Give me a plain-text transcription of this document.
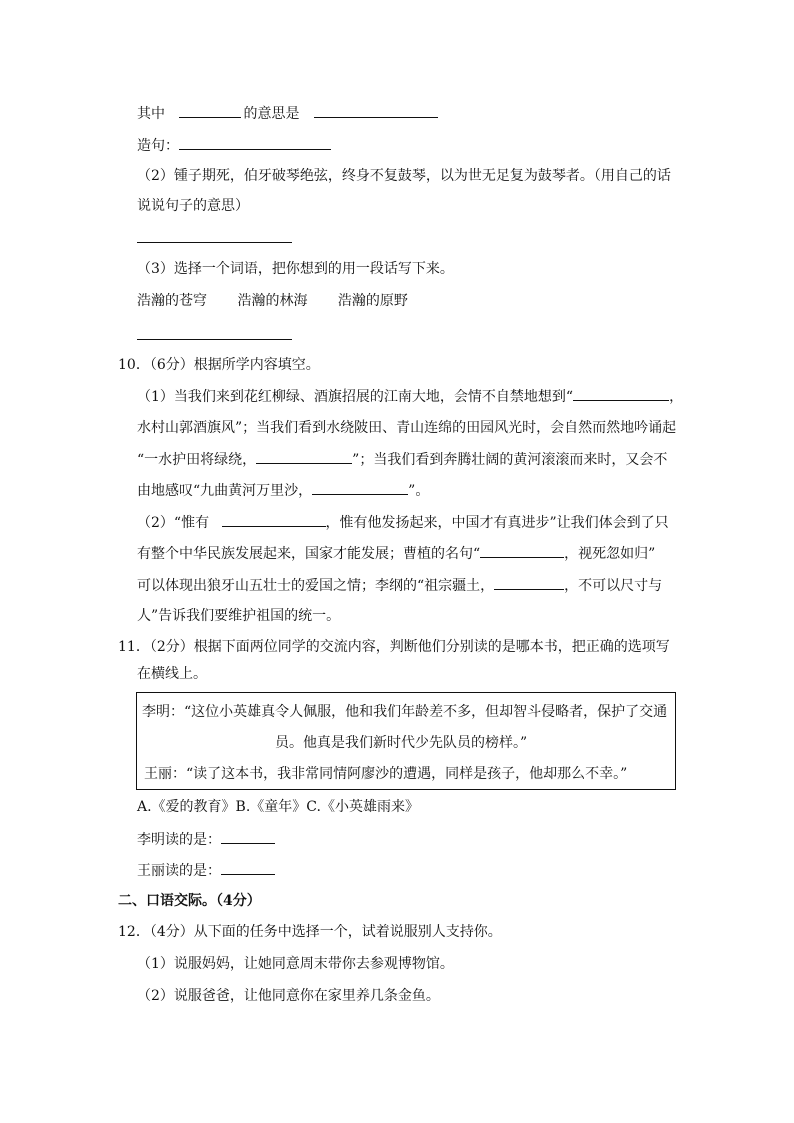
其中	的意思是
造句：
（2）锺子期死，伯牙破琴绝弦，终身不复鼓琴，以为世无足复为鼓琴者。（用自己的话
说说句子的意思）
（3）选择一个词语，把你想到的用一段话写下来。
浩瀚的苍穹 浩瀚的林海 浩瀚的原野
10．（6分）根据所学内容填空。
（1）当我们来到花红柳绿、酒旗招展的江南大地，会情不自禁地想到“	，
水村山郭酒旗风”；当我们看到水绕陂田、青山连绵的田园风光时，会自然而然地吟诵起
“一水护田将绿绕，	”；当我们看到奔腾壮阔的黄河滚滚而来时，又会不
由地感叹“九曲黄河万里沙，	”。
（2）“惟有	，惟有他发扬起来，中国才有真进步”让我们体会到了只
有整个中华民族发展起来，国家才能发展；曹植的名句“	，视死忽如归”
可以体现出狼牙山五壮士的爱国之情；李纲的“祖宗疆土，	，不可以尺寸与
人”告诉我们要维护祖国的统一。
11．（2分）根据下面两位同学的交流内容，判断他们分别读的是哪本书，把正确的选项写
在横线上。
李明：“这位小英雄真令人佩服，他和我们年龄差不多，但却智斗侵略者，保护了交通
员。他真是我们新时代少先队员的榜样。”
王丽：“读了这本书，我非常同情阿廖沙的遭遇，同样是孩子，他却那么不幸。”
A.《爱的教育》B.《童年》C.《小英雄雨来》
李明读的是：
王丽读的是：
二、口语交际。（4分）
12．（4分）从下面的任务中选择一个，试着说服别人支持你。
（1）说服妈妈，让她同意周末带你去参观博物馆。
（2）说服爸爸，让他同意你在家里养几条金鱼。
